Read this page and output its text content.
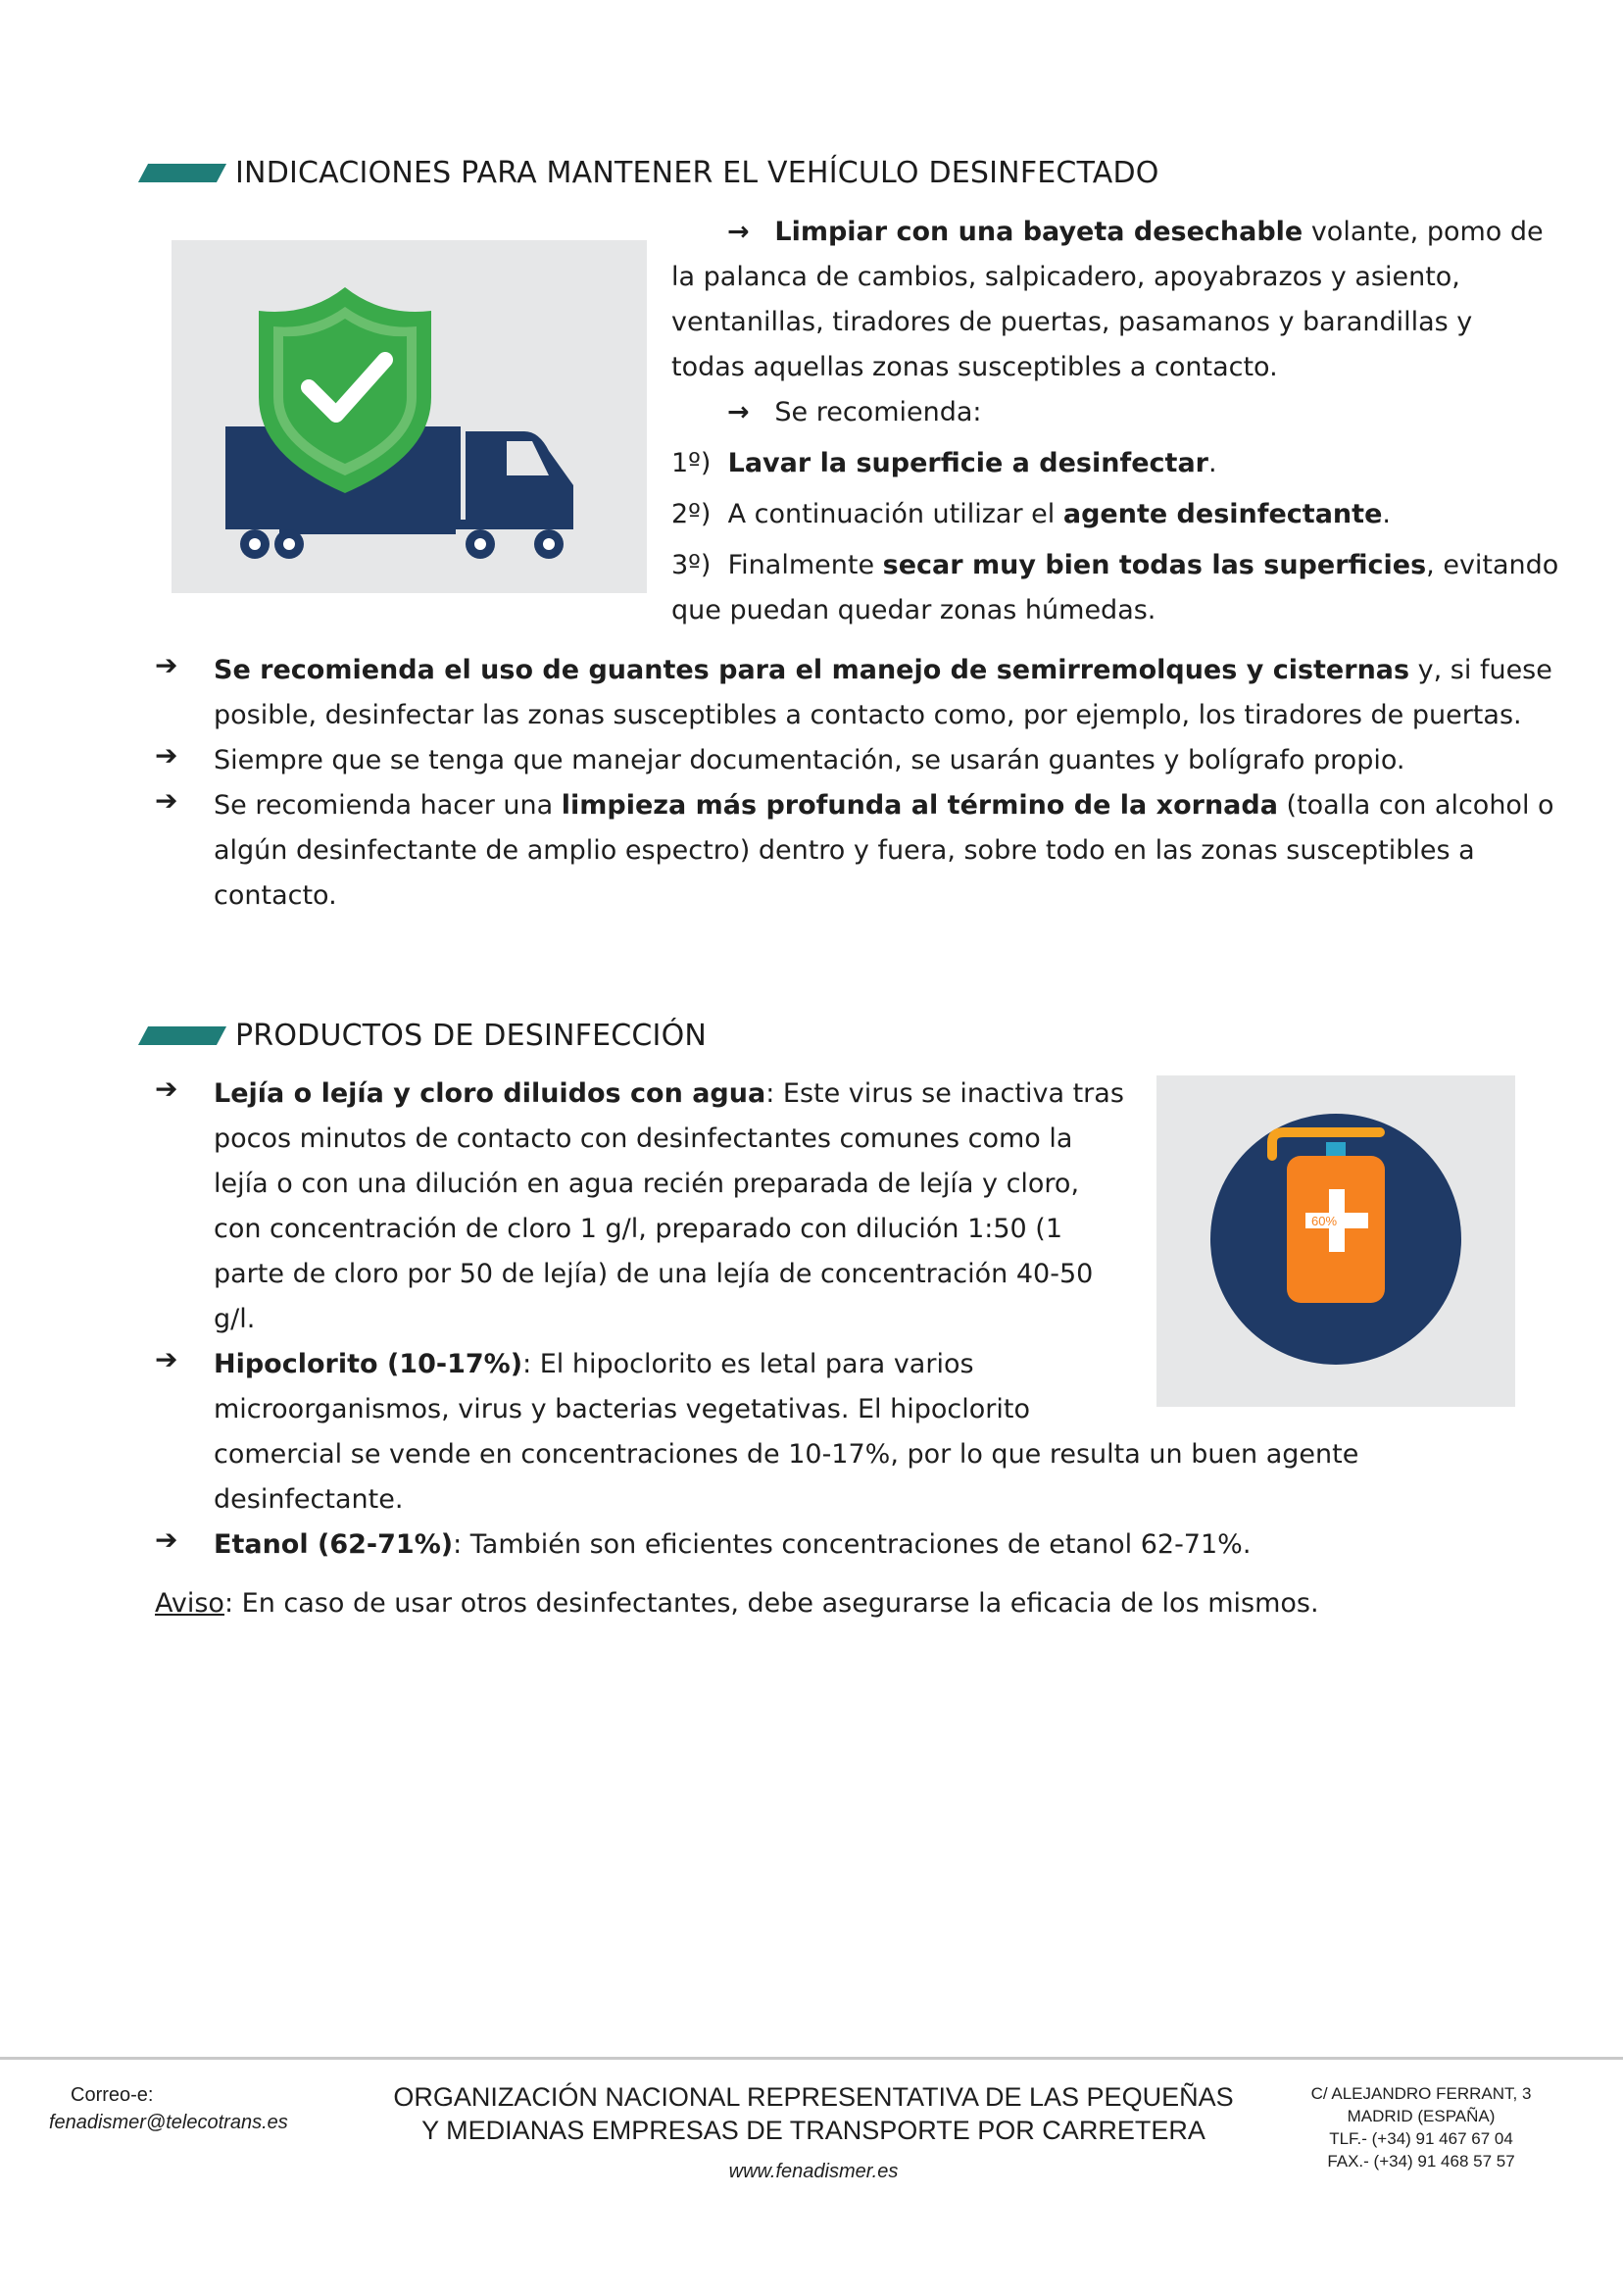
INDICACIONES PARA MANTENER EL VEHÍCULO DESINFECTADO
→ Limpiar con una bayeta desechable volante, pomo de
la palanca de cambios, salpicadero, apoyabrazos y asiento,
ventanillas, tiradores de puertas, pasamanos y barandillas y
todas aquellas zonas susceptibles a contacto.
→ Se recomienda:
1º) Lavar la superficie a desinfectar.
2º) A continuación utilizar el agente desinfectante.
3º) Finalmente secar muy bien todas las superficies, evitando
que puedan quedar zonas húmedas.
➔ Se recomienda el uso de guantes para el manejo de semirremolques y cisternas y, si fuese
posible, desinfectar las zonas susceptibles a contacto como, por ejemplo, los tiradores de puertas.
➔ Siempre que se tenga que manejar documentación, se usarán guantes y bolígrafo propio.
➔ Se recomienda hacer una limpieza más profunda al término de la xornada (toalla con alcohol o
algún desinfectante de amplio espectro) dentro y fuera, sobre todo en las zonas susceptibles a
contacto.
PRODUCTOS DE DESINFECCIÓN
60%
➔ Lejía o lejía y cloro diluidos con agua: Este virus se inactiva tras
pocos minutos de contacto con desinfectantes comunes como la
lejía o con una dilución en agua recién preparada de lejía y cloro,
con concentración de cloro 1 g/l, preparado con dilución 1:50 (1
parte de cloro por 50 de lejía) de una lejía de concentración 40-50
g/l.
➔ Hipoclorito (10-17%): El hipoclorito es letal para varios
microorganismos, virus y bacterias vegetativas. El hipoclorito
comercial se vende en concentraciones de 10-17%, por lo que resulta un buen agente
desinfectante.
➔ Etanol (62-71%): También son eficientes concentraciones de etanol 62-71%.
Aviso: En caso de usar otros desinfectantes, debe asegurarse la eficacia de los mismos.
Correo-e:
fenadismer@telecotrans.es
ORGANIZACIÓN NACIONAL REPRESENTATIVA DE LAS PEQUEÑAS
Y MEDIANAS EMPRESAS DE TRANSPORTE POR CARRETERA
www.fenadismer.es
C/ ALEJANDRO FERRANT, 3
MADRID (ESPAÑA)
TLF.- (+34) 91 467 67 04
FAX.- (+34) 91 468 57 57
